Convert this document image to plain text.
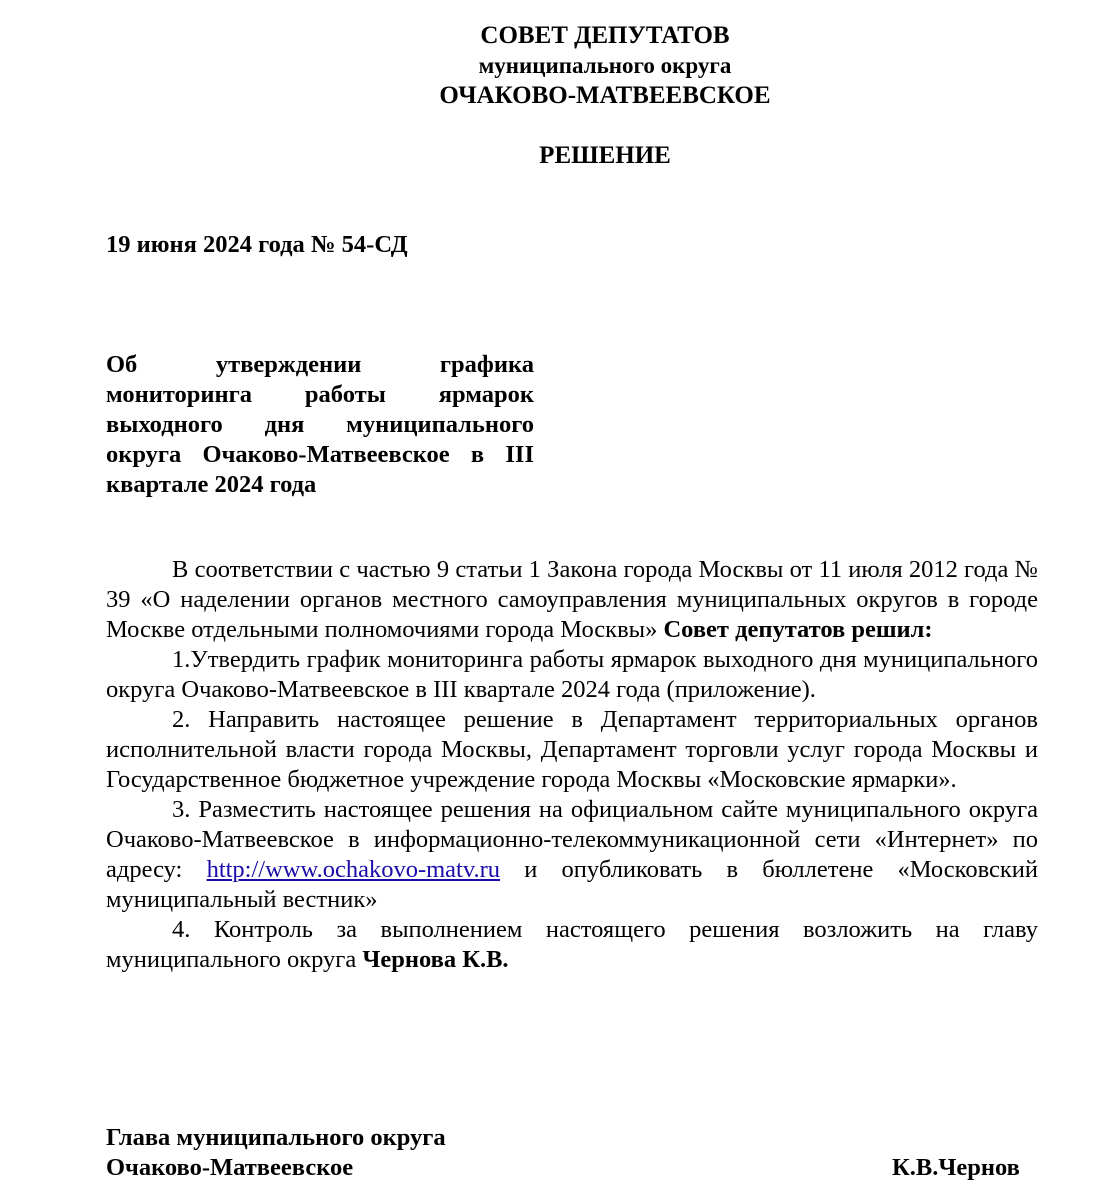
СОВЕТ ДЕПУТАТОВ
муниципального округа
ОЧАКОВО-МАТВЕЕВСКОЕ
РЕШЕНИЕ
19 июня 2024 года № 54-СД
Об утверждении графика мониторинга работы ярмарок выходного дня муниципального округа Очаково-Матвеевское в III квартале 2024 года

В соответствии с частью 9 статьи 1 Закона города Москвы от 11 июля 2012 года № 39 «О наделении органов местного самоуправления муниципальных округов в городе Москве отдельными полномочиями города Москвы» Совет депутатов решил:

1.Утвердить график мониторинга работы ярмарок выходного дня муниципального округа Очаково-Матвеевское в III квартале 2024 года (приложение).

2. Направить настоящее решение в Департамент территориальных органов исполнительной власти города Москвы, Департамент торговли услуг города Москвы и Государственное бюджетное учреждение города Москвы «Московские ярмарки».

3. Разместить настоящее решения на официальном сайте муниципального округа Очаково-Матвеевское в информационно-телекоммуникационной сети «Интернет» по адресу: http://www.ochakovo-matv.ru и опубликовать в бюллетене «Московский муниципальный вестник»

4. Контроль за выполнением настоящего решения возложить на главу муниципального округа Чернова К.В.

Глава муниципального округа
Очаково-Матвеевское	К.В.Чернов
